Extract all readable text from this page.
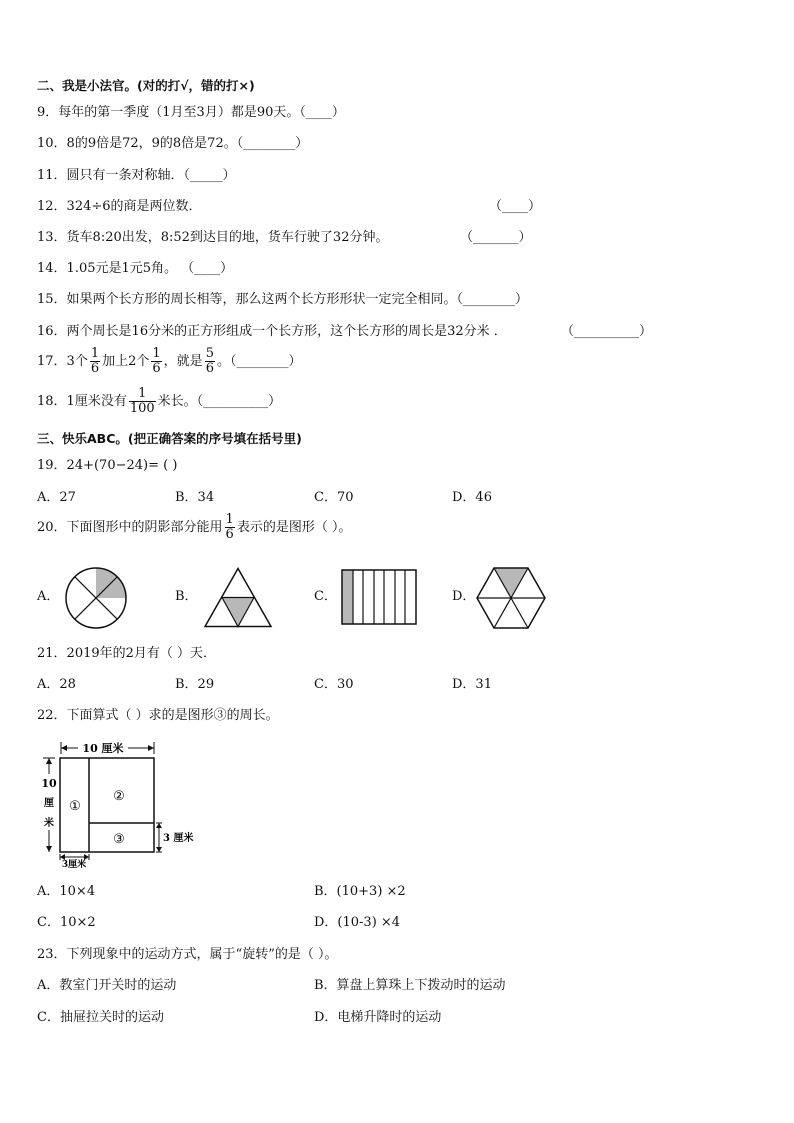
二、我是小法官。(对的打√，错的打×)
9．每年的第一季度（1月至3月）都是90天。（____）
10．8的9倍是72，9的8倍是72。（________）
11．圆只有一条对称轴．（_____）
12．324÷6的商是两位数．	（____）
13．货车8:20出发，8:52到达目的地，货车行驶了32分钟。	（_______）
14．1.05元是1元5角。 （____）
15．如果两个长方形的周长相等，那么这两个长方形形状一定完全相同。（________）
16．两个周长是16分米的正方形组成一个长方形，这个长方形的周长是32分米 ．	（__________）
17．3个 $\frac{1}{6}$ 加上2个 $\frac{1}{6}$ ，就是 $\frac{5}{6}$ 。（________）
18．1厘米没有 $\frac{1}{100}$ 米长。（__________）
三、快乐ABC。(把正确答案的序号填在括号里)
19．24+(70−24)= ( )
A．27	B．34	C．70	D．46
20．下面图形中的阴影部分能用 $\frac{1}{6}$ 表示的是图形（ ）。
A．	B．	C．	D．
21．2019年的2月有（ ）天．
A．28	B．29	C．30	D．31
22．下面算式（ ）求的是图形③的周长。
10 厘米
10
厘
米
①
②
③	3 厘米
3厘米
A．10×4	B．(10+3) ×2
C．10×2	D．(10-3) ×4
23．下列现象中的运动方式，属于“旋转”的是（ ）。
A．教室门开关时的运动	B．算盘上算珠上下拨动时的运动
C．抽屉拉关时的运动	D．电梯升降时的运动
